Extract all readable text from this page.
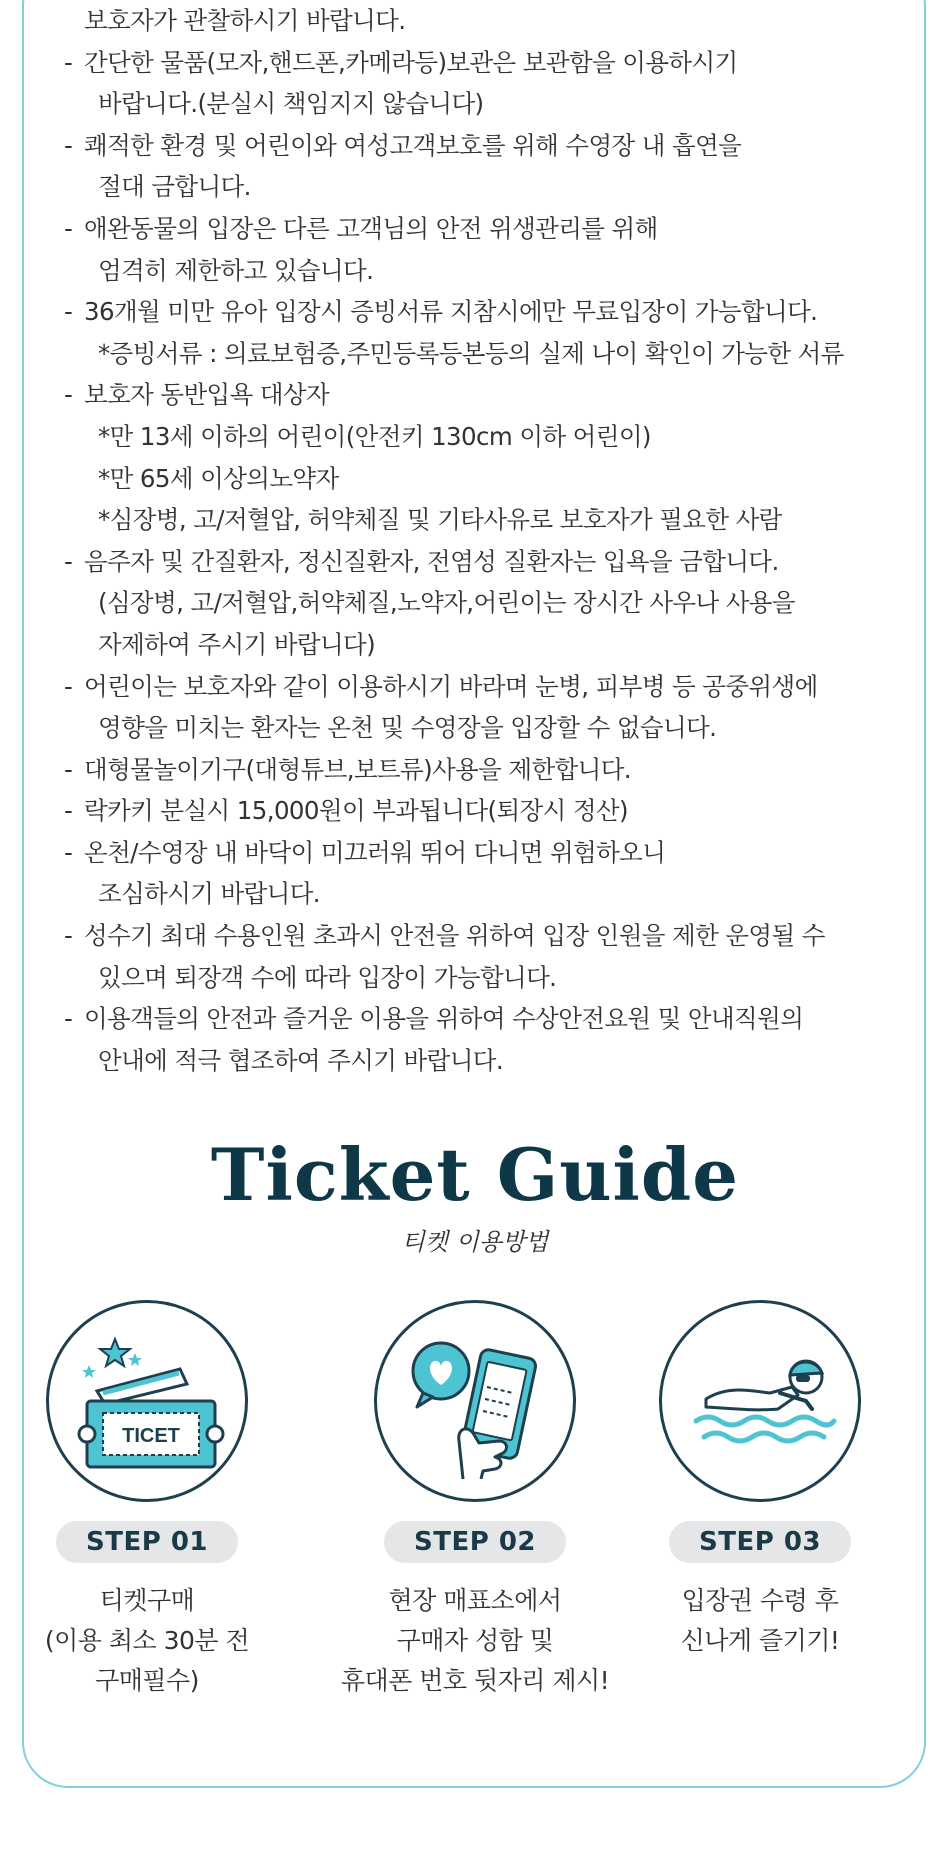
보호자가 관찰하시기 바랍니다.
- 간단한 물품(모자,핸드폰,카메라등)보관은 보관함을 이용하시기
바랍니다.(분실시 책임지지 않습니다)
- 쾌적한 환경 및 어린이와 여성고객보호를 위해 수영장 내 흡연을
절대 금합니다.
- 애완동물의 입장은 다른 고객님의 안전 위생관리를 위해
엄격히 제한하고 있습니다.
- 36개월 미만 유아 입장시 증빙서류 지참시에만 무료입장이 가능합니다.
*증빙서류 : 의료보험증,주민등록등본등의 실제 나이 확인이 가능한 서류
- 보호자 동반입욕 대상자
*만 13세 이하의 어린이(안전키 130cm 이하 어린이)
*만 65세 이상의노약자
*심장병, 고/저혈압, 허약체질 및 기타사유로 보호자가 필요한 사람
- 음주자 및 간질환자, 정신질환자, 전염성 질환자는 입욕을 금합니다.
(심장병, 고/저혈압,허약체질,노약자,어린이는 장시간 사우나 사용을
자제하여 주시기 바랍니다)
- 어린이는 보호자와 같이 이용하시기 바라며 눈병, 피부병 등 공중위생에
영향을 미치는 환자는 온천 및 수영장을 입장할 수 없습니다.
- 대형물놀이기구(대형튜브,보트류)사용을 제한합니다.
- 락카키 분실시 15,000원이 부과됩니다(퇴장시 정산)
- 온천/수영장 내 바닥이 미끄러워 뛰어 다니면 위험하오니
조심하시기 바랍니다.
- 성수기 최대 수용인원 초과시 안전을 위하여 입장 인원을 제한 운영될 수
있으며 퇴장객 수에 따라 입장이 가능합니다.
- 이용객들의 안전과 즐거운 이용을 위하여 수상안전요원 및 안내직원의
안내에 적극 협조하여 주시기 바랍니다.
Ticket Guide
티켓 이용방법
TICET
STEP 01
티켓구매
(이용 최소 30분 전
구매필수)
STEP 02
현장 매표소에서
구매자 성함 및
휴대폰 번호 뒷자리 제시!
STEP 03
입장권 수령 후
신나게 즐기기!
